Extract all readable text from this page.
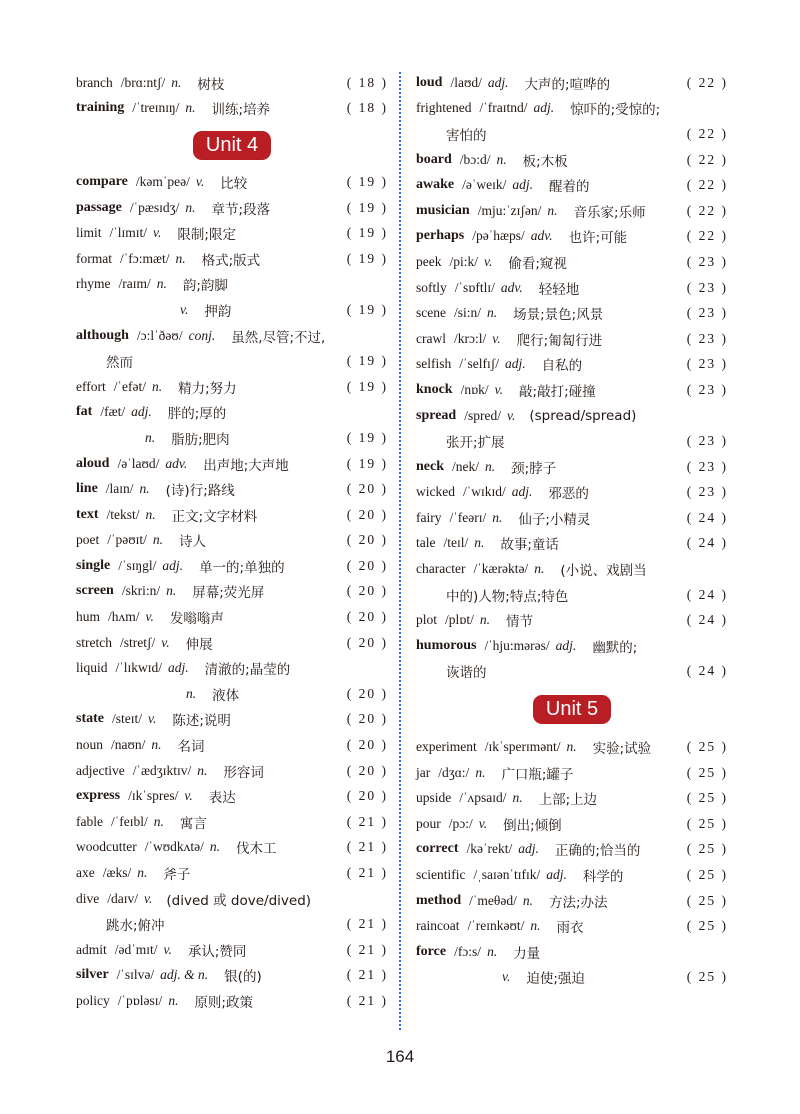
branch /brɑ:ntʃ/ n. 树枝	( 18 )
training /ˈtreɪnɪŋ/ n. 训练;培养	( 18 )
Unit 4
compare /kəmˈpeə/ v. 比较	( 19 )
passage /ˈpæsɪdʒ/ n. 章节;段落	( 19 )
limit /ˈlɪmɪt/ v. 限制;限定	( 19 )
format /ˈfɔ:mæt/ n. 格式;版式	( 19 )
rhyme /raɪm/ n. 韵;韵脚
v. 押韵	( 19 )
although /ɔ:lˈðəʊ/ conj. 虽然,尽管;不过,
然而	( 19 )
effort /ˈefət/ n. 精力;努力	( 19 )
fat /fæt/ adj. 胖的;厚的
n. 脂肪;肥肉	( 19 )
aloud /əˈlaʊd/ adv. 出声地;大声地	( 19 )
line /laɪn/ n. (诗)行;路线	( 20 )
text /tekst/ n. 正文;文字材料	( 20 )
poet /ˈpəʊɪt/ n. 诗人	( 20 )
single /ˈsɪŋgl/ adj. 单一的;单独的	( 20 )
screen /skri:n/ n. 屏幕;荧光屏	( 20 )
hum /hʌm/ v. 发嗡嗡声	( 20 )
stretch /stretʃ/ v. 伸展	( 20 )
liquid /ˈlɪkwɪd/ adj. 清澈的;晶莹的
n. 液体	( 20 )
state /steɪt/ v. 陈述;说明	( 20 )
noun /naʊn/ n. 名词	( 20 )
adjective /ˈædʒɪktɪv/ n. 形容词	( 20 )
express /ɪkˈspres/ v. 表达	( 20 )
fable /ˈfeɪbl/ n. 寓言	( 21 )
woodcutter /ˈwʊdkʌtə/ n. 伐木工	( 21 )
axe /æks/ n. 斧子	( 21 )
dive /daɪv/ v. (dived 或 dove/dived)
跳水;俯冲	( 21 )
admit /ədˈmɪt/ v. 承认;赞同	( 21 )
silver /ˈsɪlvə/ adj. & n. 银(的)	( 21 )
policy /ˈpɒləsɪ/ n. 原则;政策	( 21 )
loud /laʊd/ adj. 大声的;喧哗的	( 22 )
frightened /ˈfraɪtnd/ adj. 惊吓的;受惊的;
害怕的	( 22 )
board /bɔ:d/ n. 板;木板	( 22 )
awake /əˈweɪk/ adj. 醒着的	( 22 )
musician /mju:ˈzɪʃən/ n. 音乐家;乐师	( 22 )
perhaps /pəˈhæps/ adv. 也许;可能	( 22 )
peek /pi:k/ v. 偷看;窥视	( 23 )
softly /ˈsɒftlɪ/ adv. 轻轻地	( 23 )
scene /si:n/ n. 场景;景色;风景	( 23 )
crawl /krɔ:l/ v. 爬行;匍匐行进	( 23 )
selfish /ˈselfɪʃ/ adj. 自私的	( 23 )
knock /nɒk/ v. 敲;敲打;碰撞	( 23 )
spread /spred/ v. (spread/spread)
张开;扩展	( 23 )
neck /nek/ n. 颈;脖子	( 23 )
wicked /ˈwɪkɪd/ adj. 邪恶的	( 23 )
fairy /ˈfeərɪ/ n. 仙子;小精灵	( 24 )
tale /teɪl/ n. 故事;童话	( 24 )
character /ˈkærəktə/ n. (小说、戏剧当
中的)人物;特点;特色	( 24 )
plot /plɒt/ n. 情节	( 24 )
humorous /ˈhju:mərəs/ adj. 幽默的;
诙谐的	( 24 )
Unit 5
experiment /ɪkˈsperɪmənt/ n. 实验;试验	( 25 )
jar /dʒɑ:/ n. 广口瓶;罐子	( 25 )
upside /ˈʌpsaɪd/ n. 上部;上边	( 25 )
pour /pɔ:/ v. 倒出;倾倒	( 25 )
correct /kəˈrekt/ adj. 正确的;恰当的	( 25 )
scientific /ˌsaɪənˈtɪfɪk/ adj. 科学的	( 25 )
method /ˈmeθəd/ n. 方法;办法	( 25 )
raincoat /ˈreɪnkəʊt/ n. 雨衣	( 25 )
force /fɔ:s/ n. 力量
v. 迫使;强迫	( 25 )
164
